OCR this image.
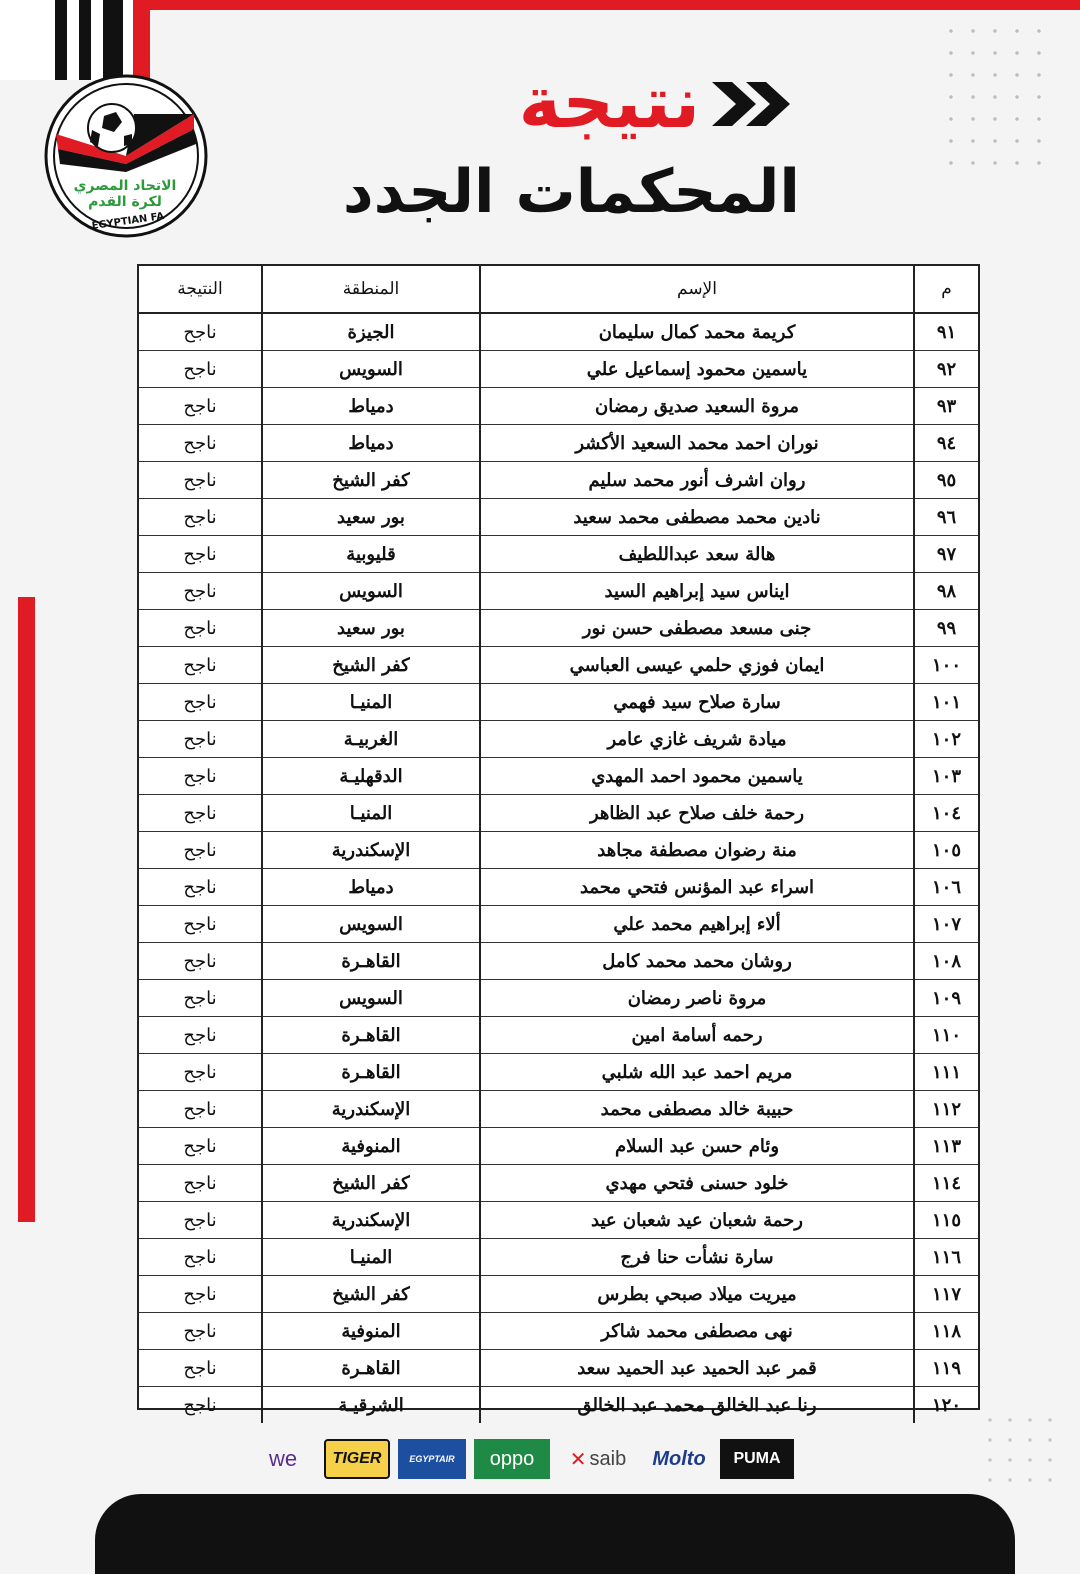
الاتحاد المصري
لكرة القدم
EGYPTIAN FA
نتيجة
المحكمات الجدد
م	الإسم	المنطقة	النتيجة
٩١	كريمة محمد كمال سليمان	الجيزة	ناجح
٩٢	ياسمين محمود إسماعيل علي	السويس	ناجح
٩٣	مروة السعيد صديق رمضان	دمياط	ناجح
٩٤	نوران احمد محمد السعيد الأكشر	دمياط	ناجح
٩٥	روان اشرف أنور محمد سليم	كفر الشيخ	ناجح
٩٦	نادين محمد مصطفى محمد سعيد	بور سعيد	ناجح
٩٧	هالة سعد عبداللطيف	قليوبية	ناجح
٩٨	ايناس سيد إبراهيم السيد	السويس	ناجح
٩٩	جنى مسعد مصطفى حسن نور	بور سعيد	ناجح
١٠٠	ايمان فوزي حلمي عيسى العباسي	كفر الشيخ	ناجح
١٠١	سارة صلاح سيد فهمي	المنيـا	ناجح
١٠٢	ميادة شريف غازي عامر	الغربيـة	ناجح
١٠٣	ياسمين محمود احمد المهدي	الدقهليـة	ناجح
١٠٤	رحمة خلف صلاح عبد الظاهر	المنيـا	ناجح
١٠٥	منة رضوان مصطفة مجاهد	الإسكندرية	ناجح
١٠٦	اسراء عبد المؤنس فتحي محمد	دمياط	ناجح
١٠٧	ألاء إبراهيم محمد علي	السويس	ناجح
١٠٨	روشان محمد محمد كامل	القاهـرة	ناجح
١٠٩	مروة ناصر رمضان	السويس	ناجح
١١٠	رحمه أسامة امين	القاهـرة	ناجح
١١١	مريم احمد عبد الله شلبي	القاهـرة	ناجح
١١٢	حبيبة خالد مصطفى محمد	الإسكندرية	ناجح
١١٣	وئام حسن عبد السلام	المنوفية	ناجح
١١٤	خلود حسنى فتحي مهدي	كفر الشيخ	ناجح
١١٥	رحمة شعبان عيد شعبان عيد	الإسكندرية	ناجح
١١٦	سارة نشأت حنا فرج	المنيـا	ناجح
١١٧	ميريت ميلاد صبحي بطرس	كفر الشيخ	ناجح
١١٨	نهى مصطفى محمد شاكر	المنوفية	ناجح
١١٩	قمر عبد الحميد عبد الحميد سعد	القاهـرة	ناجح
١٢٠	رنا عبد الخالق محمد عبد الخالق	الشرقيـة	ناجح
we TIGER	EGYPTAIR oppo ✕ saib Molto PUMA
